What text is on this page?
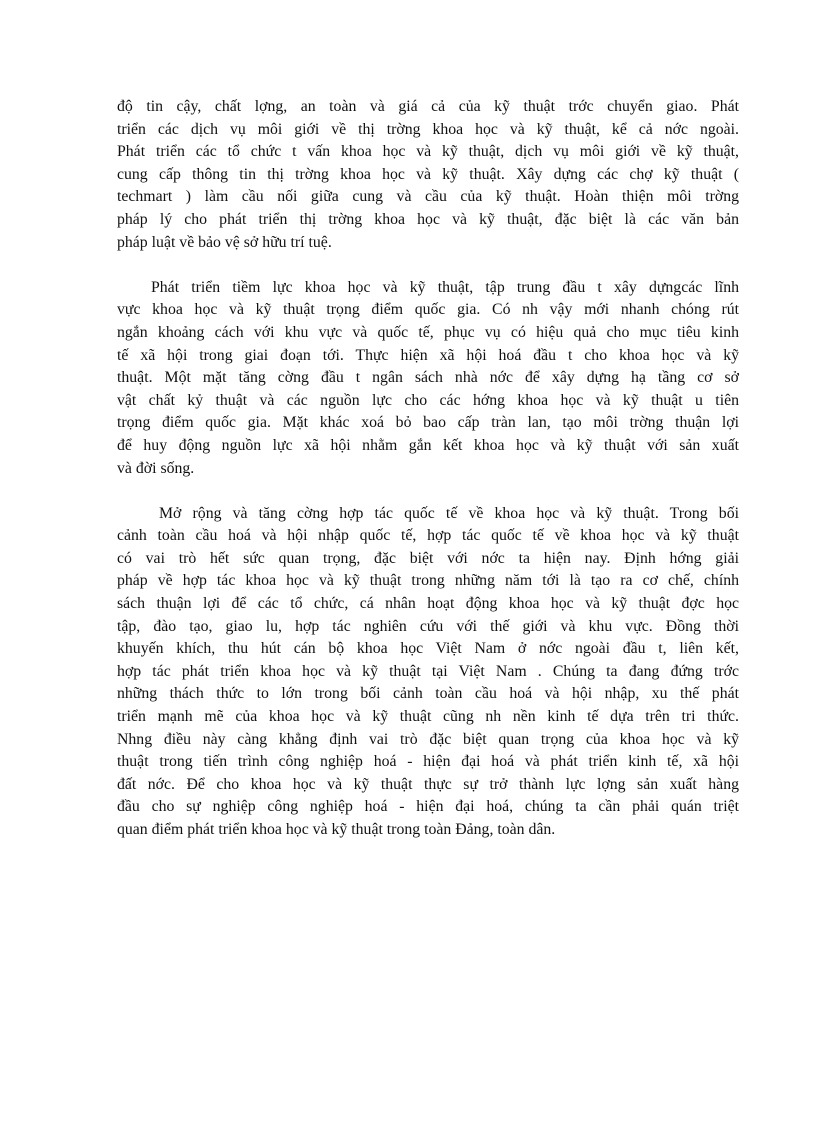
độ tin cậy, chất lợng, an toàn và giá cả của kỹ thuật trớc chuyển giao. Phát
triển các dịch vụ môi giới về thị trờng khoa học và kỹ thuật, kể cả nớc ngoài.
Phát triển các tổ chức t vấn khoa học và kỹ thuật, dịch vụ môi giới về kỹ thuật,
cung cấp thông tin thị trờng khoa học và kỹ thuật. Xây dựng các chợ kỹ thuật (
techmart ) làm cầu nối giữa cung và cầu của kỹ thuật. Hoàn thiện môi trờng
pháp lý cho phát triển thị trờng khoa học và kỹ thuật, đặc biệt là các văn bản
pháp luật về bảo vệ sở hữu trí tuệ.
Phát triển tiềm lực khoa học và kỹ thuật, tập trung đầu t xây dựngcác lĩnh
vực khoa học và kỹ thuật trọng điểm quốc gia. Có nh vậy mới nhanh chóng rút
ngắn khoảng cách với khu vực và quốc tế, phục vụ có hiệu quả cho mục tiêu kinh
tế xã hội trong giai đoạn tới. Thực hiện xã hội hoá đầu t cho khoa học và kỹ
thuật. Một mặt tăng cờng đầu t ngân sách nhà nớc để xây dựng hạ tầng cơ sở
vật chất kỷ thuật và các nguồn lực cho các hớng khoa học và kỹ thuật u tiên
trọng điểm quốc gia. Mặt khác xoá bỏ bao cấp tràn lan, tạo môi trờng thuận lợi
để huy động nguồn lực xã hội nhằm gắn kết khoa học và kỹ thuật với sản xuất
và đời sống.
Mở rộng và tăng cờng hợp tác quốc tế về khoa học và kỹ thuật. Trong bối
cảnh toàn cầu hoá và hội nhập quốc tế, hợp tác quốc tế về khoa học và kỹ thuật
có vai trò hết sức quan trọng, đặc biệt với nớc ta hiện nay. Định hớng giải
pháp về hợp tác khoa học và kỹ thuật trong những năm tới là tạo ra cơ chế, chính
sách thuận lợi để các tổ chức, cá nhân hoạt động khoa học và kỹ thuật đợc học
tập, đào tạo, giao lu, hợp tác nghiên cứu với thế giới và khu vực. Đồng thời
khuyến khích, thu hút cán bộ khoa học Việt Nam ở nớc ngoài đầu t, liên kết,
hợp tác phát triển khoa học và kỹ thuật tại Việt Nam . Chúng ta đang đứng trớc
những thách thức to lớn trong bối cảnh toàn cầu hoá và hội nhập, xu thế phát
triển mạnh mẽ của khoa học và kỹ thuật cũng nh nền kinh tế dựa trên tri thức.
Nhng điều này càng khẳng định vai trò đặc biệt quan trọng của khoa học và kỹ
thuật trong tiến trình công nghiệp hoá - hiện đại hoá và phát triển kinh tế, xã hội
đất nớc. Để cho khoa học và kỹ thuật thực sự trở thành lực lợng sản xuất hàng
đầu cho sự nghiệp công nghiệp hoá - hiện đại hoá, chúng ta cần phải quán triệt
quan điểm phát triển khoa học và kỹ thuật trong toàn Đảng, toàn dân.
